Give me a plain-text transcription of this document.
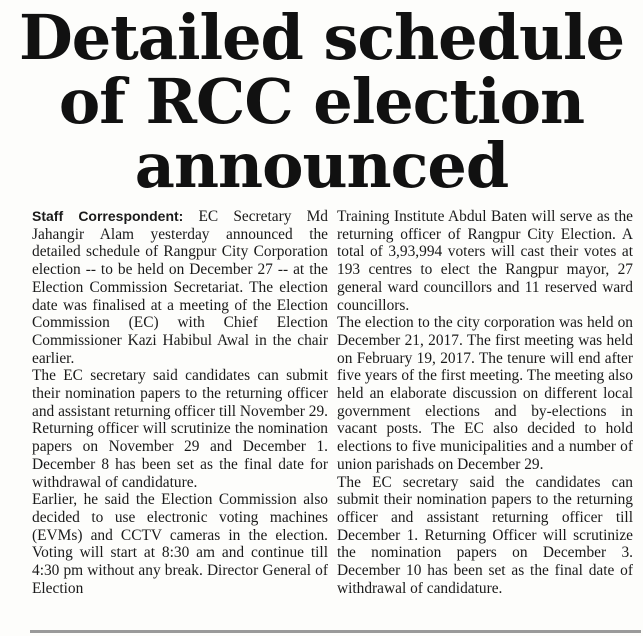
Detailed schedule
of RCC election
announced

Staff Correspondent: EC Secretary Md Jahangir Alam yesterday announced the detailed schedule of Rangpur City Corporation election -- to be held on December 27 -- at the Election Commission Secretariat. The election date was finalised at a meeting of the Election Commission (EC) with Chief Election Commissioner Kazi Habibul Awal in the chair earlier.

The EC secretary said candidates can submit their nomination papers to the returning officer and assistant returning officer till November 29. Returning officer will scrutinize the nomination papers on November 29 and December 1. December 8 has been set as the final date for withdrawal of candidature.

Earlier, he said the Election Commission also decided to use electronic voting machines (EVMs) and CCTV cameras in the election. Voting will start at 8:30 am and continue till 4:30 pm without any break. Director General of Election

Training Institute Abdul Baten will serve as the returning officer of Rangpur City Election. A total of 3,93,994 voters will cast their votes at 193 centres to elect the Rangpur mayor, 27 general ward councillors and 11 reserved ward councillors.

The election to the city corporation was held on December 21, 2017. The first meeting was held on February 19, 2017. The tenure will end after five years of the first meeting. The meeting also held an elaborate discussion on different local government elections and by-elections in vacant posts. The EC also decided to hold elections to five municipalities and a number of union parishads on December 29.

The EC secretary said the candidates can submit their nomination papers to the returning officer and assistant returning officer till December 1. Returning Officer will scrutinize the nomination papers on December 3. December 10 has been set as the final date of withdrawal of candidature.
